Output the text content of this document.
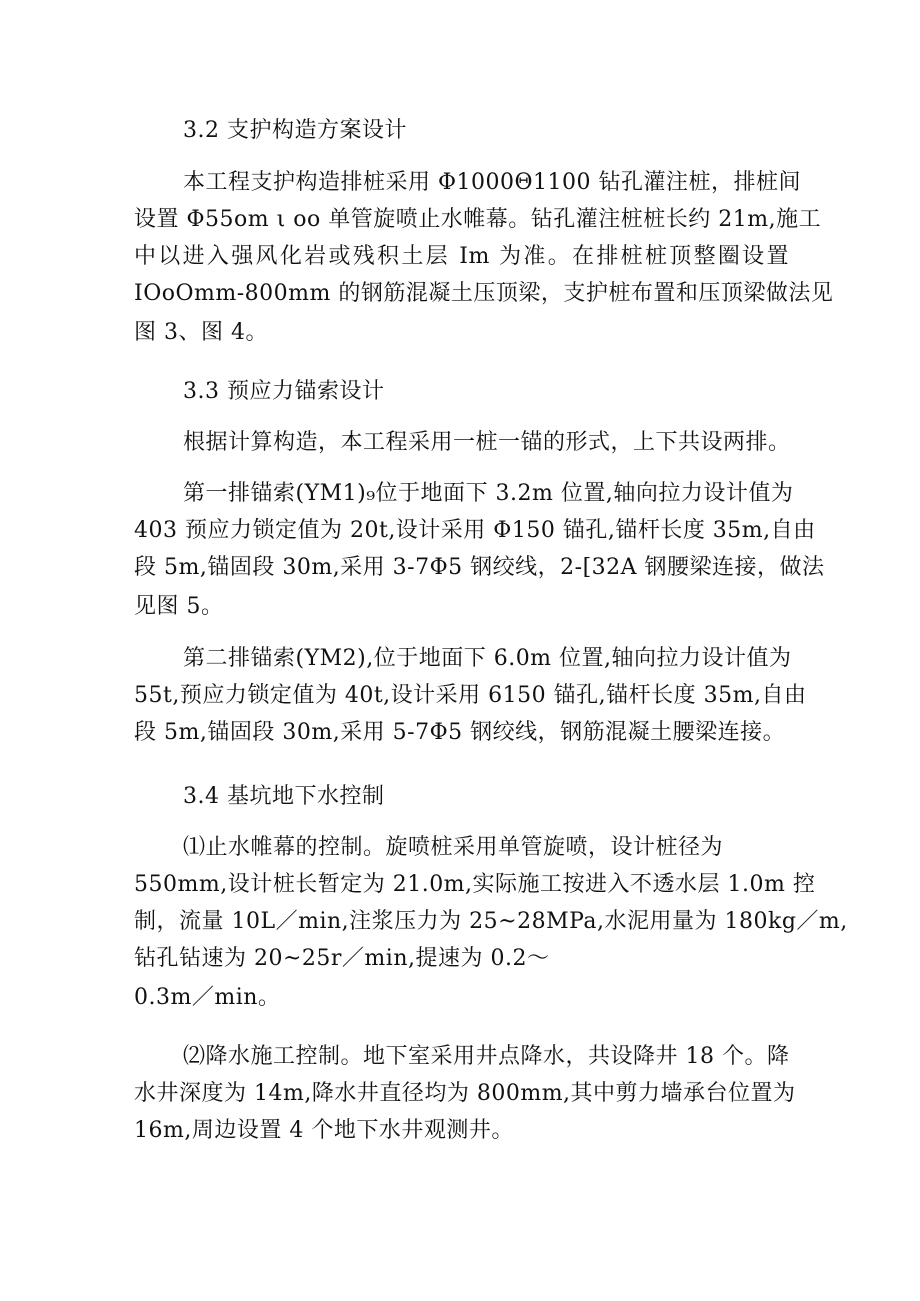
3.2 支护构造方案设计
本工程支护构造排桩采用 Φ1000Θ1100 钻孔灌注桩，排桩间
设置 Φ55om ι oo 单管旋喷止水帷幕。钻孔灌注桩桩长约 21m,施工
中以进入强风化岩或残积土层 Im 为准。在排桩桩顶整圈设置
IOoOmm-800mm 的钢筋混凝土压顶梁，支护桩布置和压顶梁做法见
图 3、图 4。
3.3 预应力锚索设计
根据计算构造，本工程采用一桩一锚的形式，上下共设两排。
第一排锚索(YM1)₉位于地面下 3.2m 位置,轴向拉力设计值为
403 预应力锁定值为 20t,设计采用 Φ150 锚孔,锚杆长度 35m,自由
段 5m,锚固段 30m,采用 3-7Φ5 钢绞线，2-[32A 钢腰梁连接，做法
见图 5。
第二排锚索(YM2),位于地面下 6.0m 位置,轴向拉力设计值为
55t,预应力锁定值为 40t,设计采用 6150 锚孔,锚杆长度 35m,自由
段 5m,锚固段 30m,采用 5-7Φ5 钢绞线，钢筋混凝土腰梁连接。
3.4 基坑地下水控制
⑴止水帷幕的控制。旋喷桩采用单管旋喷，设计桩径为
550mm,设计桩长暂定为 21.0m,实际施工按进入不透水层 1.0m 控
制，流量 10L／min,注浆压力为 25~28MPa,水泥用量为 180kg／m,
钻孔钻速为 20~25r／min,提速为 0.2～
0.3m／min。
⑵降水施工控制。地下室采用井点降水，共设降井 18 个。降
水井深度为 14m,降水井直径均为 800mm,其中剪力墙承台位置为
16m,周边设置 4 个地下水井观测井。
